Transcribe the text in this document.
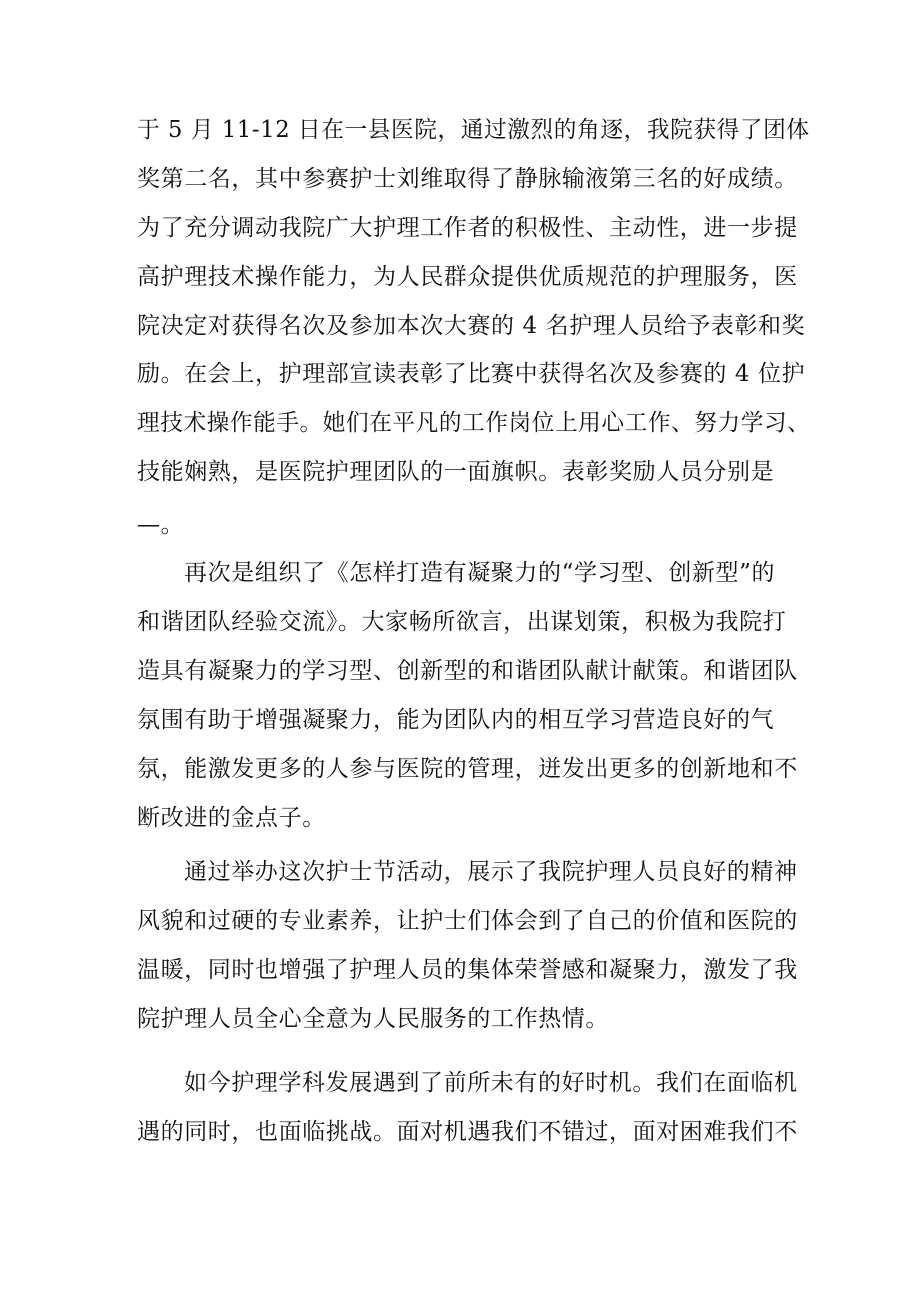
于 5 月 11-12 日在一县医院，通过激烈的角逐，我院获得了团体
奖第二名，其中参赛护士刘维取得了静脉输液第三名的好成绩。
为了充分调动我院广大护理工作者的积极性、主动性，进一步提
高护理技术操作能力，为人民群众提供优质规范的护理服务，医
院决定对获得名次及参加本次大赛的 4 名护理人员给予表彰和奖
励。在会上，护理部宣读表彰了比赛中获得名次及参赛的 4 位护
理技术操作能手。她们在平凡的工作岗位上用心工作、努力学习、
技能娴熟，是医院护理团队的一面旗帜。表彰奖励人员分别是
—。
再次是组织了《怎样打造有凝聚力的“学习型、创新型”的
和谐团队经验交流》。大家畅所欲言，出谋划策，积极为我院打
造具有凝聚力的学习型、创新型的和谐团队献计献策。和谐团队
氛围有助于增强凝聚力，能为团队内的相互学习营造良好的气
氛，能激发更多的人参与医院的管理，迸发出更多的创新地和不
断改进的金点子。
通过举办这次护士节活动，展示了我院护理人员良好的精神
风貌和过硬的专业素养，让护士们体会到了自己的价值和医院的
温暖，同时也增强了护理人员的集体荣誉感和凝聚力，激发了我
院护理人员全心全意为人民服务的工作热情。
如今护理学科发展遇到了前所未有的好时机。我们在面临机
遇的同时，也面临挑战。面对机遇我们不错过，面对困难我们不
